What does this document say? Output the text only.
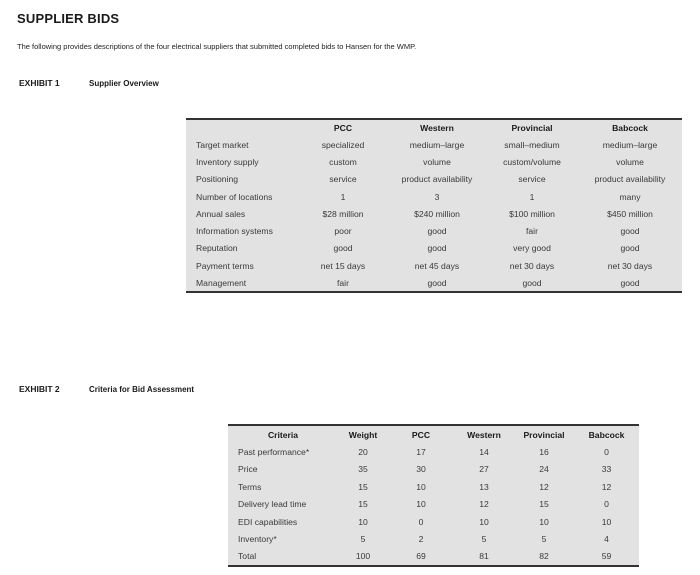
SUPPLIER BIDS
The following provides descriptions of the four electrical suppliers that submitted completed bids to Hansen for the WMP.
EXHIBIT 1	Supplier Overview
	PCC	Western	Provincial	Babcock
Target market	specialized	medium–large	small–medium	medium–large
Inventory supply	custom	volume	custom/volume	volume
Positioning	service	product availability	service	product availability
Number of locations	1	3	1	many
Annual sales	$28 million	$240 million	$100 million	$450 million
Information systems	poor	good	fair	good
Reputation	good	good	very good	good
Payment terms	net 15 days	net 45 days	net 30 days	net 30 days
Management	fair	good	good	good
EXHIBIT 2	Criteria for Bid Assessment
Criteria	Weight	PCC	Western	Provincial	Babcock
Past performance*	20	17	14	16	0
Price	35	30	27	24	33
Terms	15	10	13	12	12
Delivery lead time	15	10	12	15	0
EDI capabilities	10	0	10	10	10
Inventory*	5	2	5	5	4
Total	100	69	81	82	59
